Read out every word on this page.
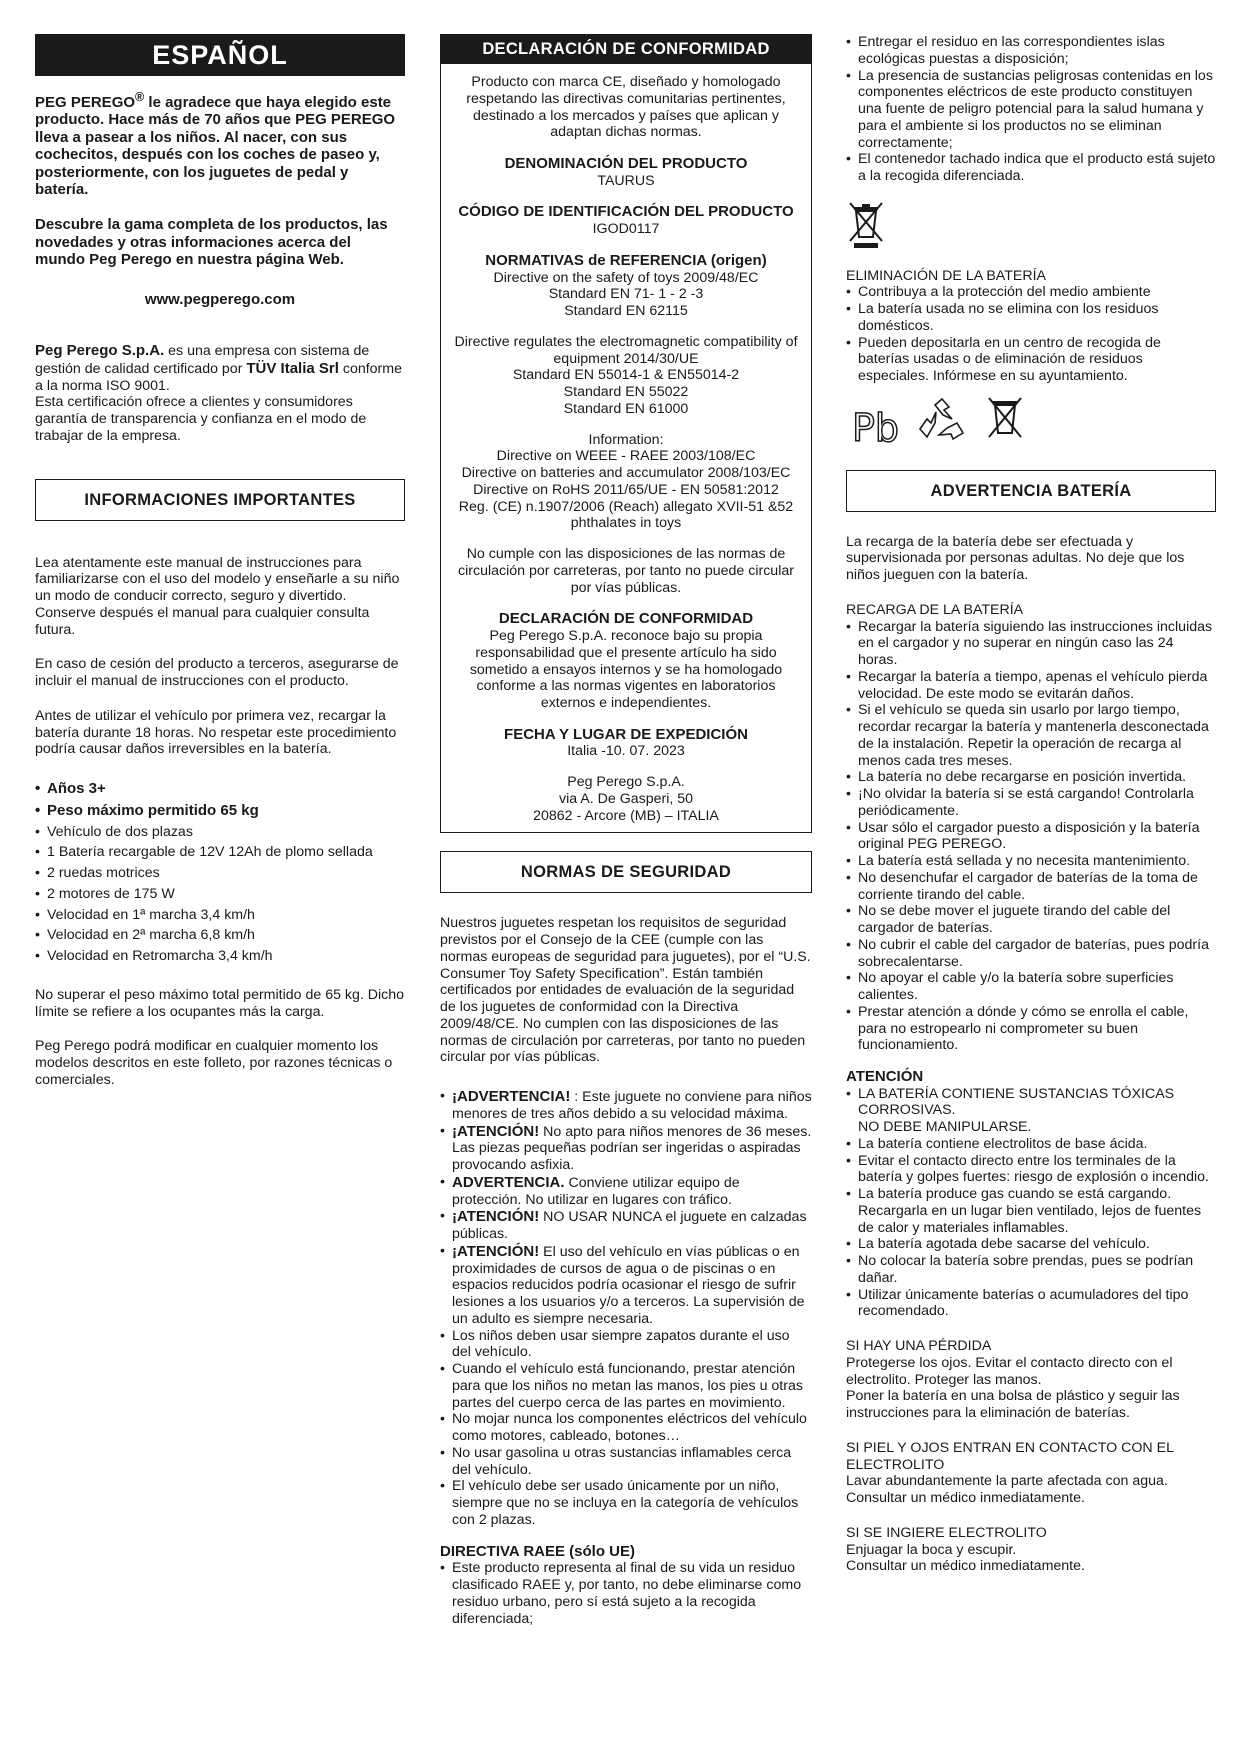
ESPAÑOL

PEG PEREGO® le agradece que haya elegido este producto. Hace más de 70 años que PEG PEREGO lleva a pasear a los niños. Al nacer, con sus cochecitos, después con los coches de paseo y, posteriormente, con los juguetes de pedal y batería.

Descubre la gama completa de los productos, las novedades y otras informaciones acerca del mundo Peg Perego en nuestra página Web.

www.pegperego.com

Peg Perego S.p.A. es una empresa con sistema de gestión de calidad certificado por TÜV Italia Srl conforme a la norma ISO 9001.

Esta certificación ofrece a clientes y consumidores garantía de transparencia y confianza en el modo de trabajar de la empresa.

INFORMACIONES IMPORTANTES

Lea atentamente este manual de instrucciones para familiarizarse con el uso del modelo y enseñarle a su niño un modo de conducir correcto, seguro y divertido. Conserve después el manual para cualquier consulta futura.

En caso de cesión del producto a terceros, asegurarse de incluir el manual de instrucciones con el producto.

Antes de utilizar el vehículo por primera vez, recargar la batería durante 18 horas. No respetar este procedimiento podría causar daños irreversibles en la batería.

• Años 3+
• Peso máximo permitido 65 kg
• Vehículo de dos plazas
• 1 Batería recargable de 12V 12Ah de plomo sellada
• 2 ruedas motrices
• 2 motores de 175 W
• Velocidad en 1ª marcha 3,4 km/h
• Velocidad en 2ª marcha 6,8 km/h
• Velocidad en Retromarcha 3,4 km/h

No superar el peso máximo total permitido de 65 kg. Dicho límite se refiere a los ocupantes más la carga.

Peg Perego podrá modificar en cualquier momento los modelos descritos en este folleto, por razones técnicas o comerciales.

DECLARACIÓN DE CONFORMIDAD

Producto con marca CE, diseñado y homologado respetando las directivas comunitarias pertinentes, destinado a los mercados y países que aplican y adaptan dichas normas.

DENOMINACIÓN DEL PRODUCTO

TAURUS

CÓDIGO DE IDENTIFICACIÓN DEL PRODUCTO

IGOD0117

NORMATIVAS de REFERENCIA (origen)

Directive on the safety of toys 2009/48/EC

Standard EN 71- 1 - 2 -3

Standard EN 62115

Directive regulates the electromagnetic compatibility of equipment 2014/30/UE

Standard EN 55014-1 & EN55014-2

Standard EN 55022

Standard EN 61000

Information:

Directive on WEEE - RAEE 2003/108/EC

Directive on batteries and accumulator 2008/103/EC

Directive on RoHS 2011/65/UE - EN 50581:2012

Reg. (CE) n.1907/2006 (Reach) allegato XVII-51 &52 phthalates in toys

No cumple con las disposiciones de las normas de circulación por carreteras, por tanto no puede circular por vías públicas.

DECLARACIÓN DE CONFORMIDAD

Peg Perego S.p.A. reconoce bajo su propia responsabilidad que el presente artículo ha sido sometido a ensayos internos y se ha homologado conforme a las normas vigentes en laboratorios externos e independientes.

FECHA Y LUGAR DE EXPEDICIÓN

Italia -10. 07. 2023

Peg Perego S.p.A.

via A. De Gasperi, 50

20862 - Arcore (MB) – ITALIA

NORMAS DE SEGURIDAD

Nuestros juguetes respetan los requisitos de seguridad previstos por el Consejo de la CEE (cumple con las normas europeas de seguridad para juguetes), por el “U.S. Consumer Toy Safety Specification”. Están también certificados por entidades de evaluación de la seguridad de los juguetes de conformidad con la Directiva 2009/48/CE. No cumplen con las disposiciones de las normas de circulación por carreteras, por tanto no pueden circular por vías públicas.

• ¡ADVERTENCIA! : Este juguete no conviene para niños menores de tres años debido a su velocidad máxima.
• ¡ATENCIÓN! No apto para niños menores de 36 meses. Las piezas pequeñas podrían ser ingeridas o aspiradas provocando asfixia.
• ADVERTENCIA. Conviene utilizar equipo de protección. No utilizar en lugares con tráfico.
• ¡ATENCIÓN! NO USAR NUNCA el juguete en calzadas públicas.
• ¡ATENCIÓN! El uso del vehículo en vías públicas o en proximidades de cursos de agua o de piscinas o en espacios reducidos podría ocasionar el riesgo de sufrir lesiones a los usuarios y/o a terceros. La supervisión de un adulto es siempre necesaria.
• Los niños deben usar siempre zapatos durante el uso del vehículo.
• Cuando el vehículo está funcionando, prestar atención para que los niños no metan las manos, los pies u otras partes del cuerpo cerca de las partes en movimiento.
• No mojar nunca los componentes eléctricos del vehículo como motores, cableado, botones…
• No usar gasolina u otras sustancias inflamables cerca del vehículo.
• El vehículo debe ser usado únicamente por un niño, siempre que no se incluya en la categoría de vehículos con 2 plazas.

DIRECTIVA RAEE (sólo UE)

• Este producto representa al final de su vida un residuo clasificado RAEE y, por tanto, no debe eliminarse como residuo urbano, pero sí está sujeto a la recogida diferenciada;
• Entregar el residuo en las correspondientes islas ecológicas puestas a disposición;
• La presencia de sustancias peligrosas contenidas en los componentes eléctricos de este producto constituyen una fuente de peligro potencial para la salud humana y para el ambiente si los productos no se eliminan correctamente;
• El contenedor tachado indica que el producto está sujeto a la recogida diferenciada.

ELIMINACIÓN DE LA BATERÍA

• Contribuya a la protección del medio ambiente
• La batería usada no se elimina con los residuos domésticos.
• Pueden depositarla en un centro de recogida de baterías usadas o de eliminación de residuos especiales. Infórmese en su ayuntamiento.
Pb
ADVERTENCIA BATERÍA

La recarga de la batería debe ser efectuada y supervisionada por personas adultas. No deje que los niños jueguen con la batería.

RECARGA DE LA BATERÍA

• Recargar la batería siguiendo las instrucciones incluidas en el cargador y no superar en ningún caso las 24 horas.
• Recargar la batería a tiempo, apenas el vehículo pierda velocidad. De este modo se evitarán daños.
• Si el vehículo se queda sin usarlo por largo tiempo, recordar recargar la batería y mantenerla desconectada de la instalación. Repetir la operación de recarga al menos cada tres meses.
• La batería no debe recargarse en posición invertida.
• ¡No olvidar la batería si se está cargando! Controlarla periódicamente.
• Usar sólo el cargador puesto a disposición y la batería original PEG PEREGO.
• La batería está sellada y no necesita mantenimiento.
• No desenchufar el cargador de baterías de la toma de corriente tirando del cable.
• No se debe mover el juguete tirando del cable del cargador de baterías.
• No cubrir el cable del cargador de baterías, pues podría sobrecalentarse.
• No apoyar el cable y/o la batería sobre superficies calientes.
• Prestar atención a dónde y cómo se enrolla el cable, para no estropearlo ni comprometer su buen funcionamiento.

ATENCIÓN

• LA BATERÍA CONTIENE SUSTANCIAS TÓXICAS CORROSIVAS.
NO DEBE MANIPULARSE.
• La batería contiene electrolitos de base ácida.
• Evitar el contacto directo entre los terminales de la batería y golpes fuertes: riesgo de explosión o incendio.
• La batería produce gas cuando se está cargando. Recargarla en un lugar bien ventilado, lejos de fuentes de calor y materiales inflamables.
• La batería agotada debe sacarse del vehículo.
• No colocar la batería sobre prendas, pues se podrían dañar.
• Utilizar únicamente baterías o acumuladores del tipo recomendado.

SI HAY UNA PÉRDIDA

Protegerse los ojos. Evitar el contacto directo con el electrolito. Proteger las manos.

Poner la batería en una bolsa de plástico y seguir las instrucciones para la eliminación de baterías.

SI PIEL Y OJOS ENTRAN EN CONTACTO CON EL ELECTROLITO

Lavar abundantemente la parte afectada con agua.

Consultar un médico inmediatamente.

SI SE INGIERE ELECTROLITO

Enjuagar la boca y escupir.

Consultar un médico inmediatamente.
